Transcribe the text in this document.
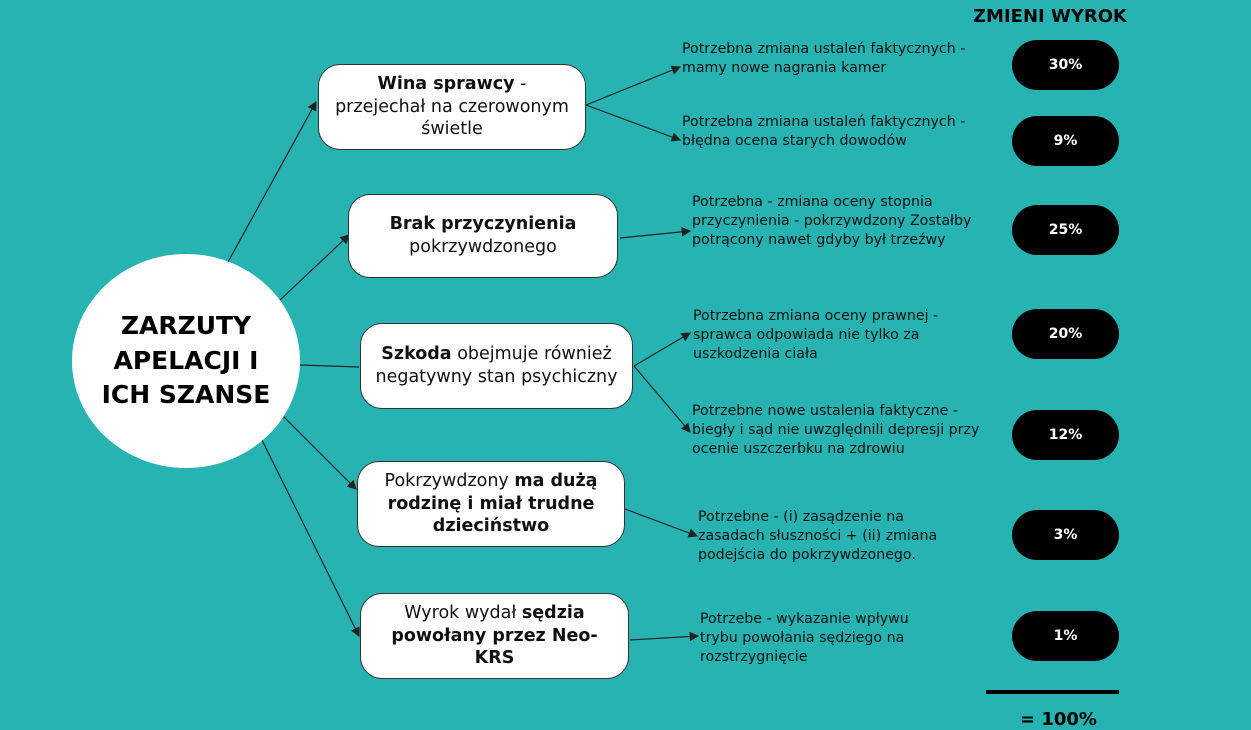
ZMIENI WYROK
ZARZUTY APELACJI I ICH SZANSE
Wina sprawcy - przejechał na czerowonym świetle
Brak przyczynienia
pokrzywdzonego
Szkoda obejmuje również negatywny stan psychiczny
Pokrzywdzony ma dużą rodzinę i miał trudne dzieciństwo
Wyrok wydał sędzia powołany przez Neo-KRS
Potrzebna zmiana ustaleń faktycznych - mamy nowe nagrania kamer
Potrzebna zmiana ustaleń faktycznych - błędna ocena starych dowodów
Potrzebna - zmiana oceny stopnia przyczynienia - pokrzywdzony Zostałby potrącony nawet gdyby był trzeźwy
Potrzebna zmiana oceny prawnej - sprawca odpowiada nie tylko za uszkodzenia ciała
Potrzebne nowe ustalenia faktyczne - biegły i sąd nie uwzględnili depresji przy ocenie uszczerbku na zdrowiu
Potrzebne - (i) zasądzenie na zasadach słuszności + (ii) zmiana podejścia do pokrzywdzonego.
Potrzebe - wykazanie wpływu trybu powołania sędziego na rozstrzygnięcie
30%
9%
25%
20%
12%
3%
1%
= 100%
